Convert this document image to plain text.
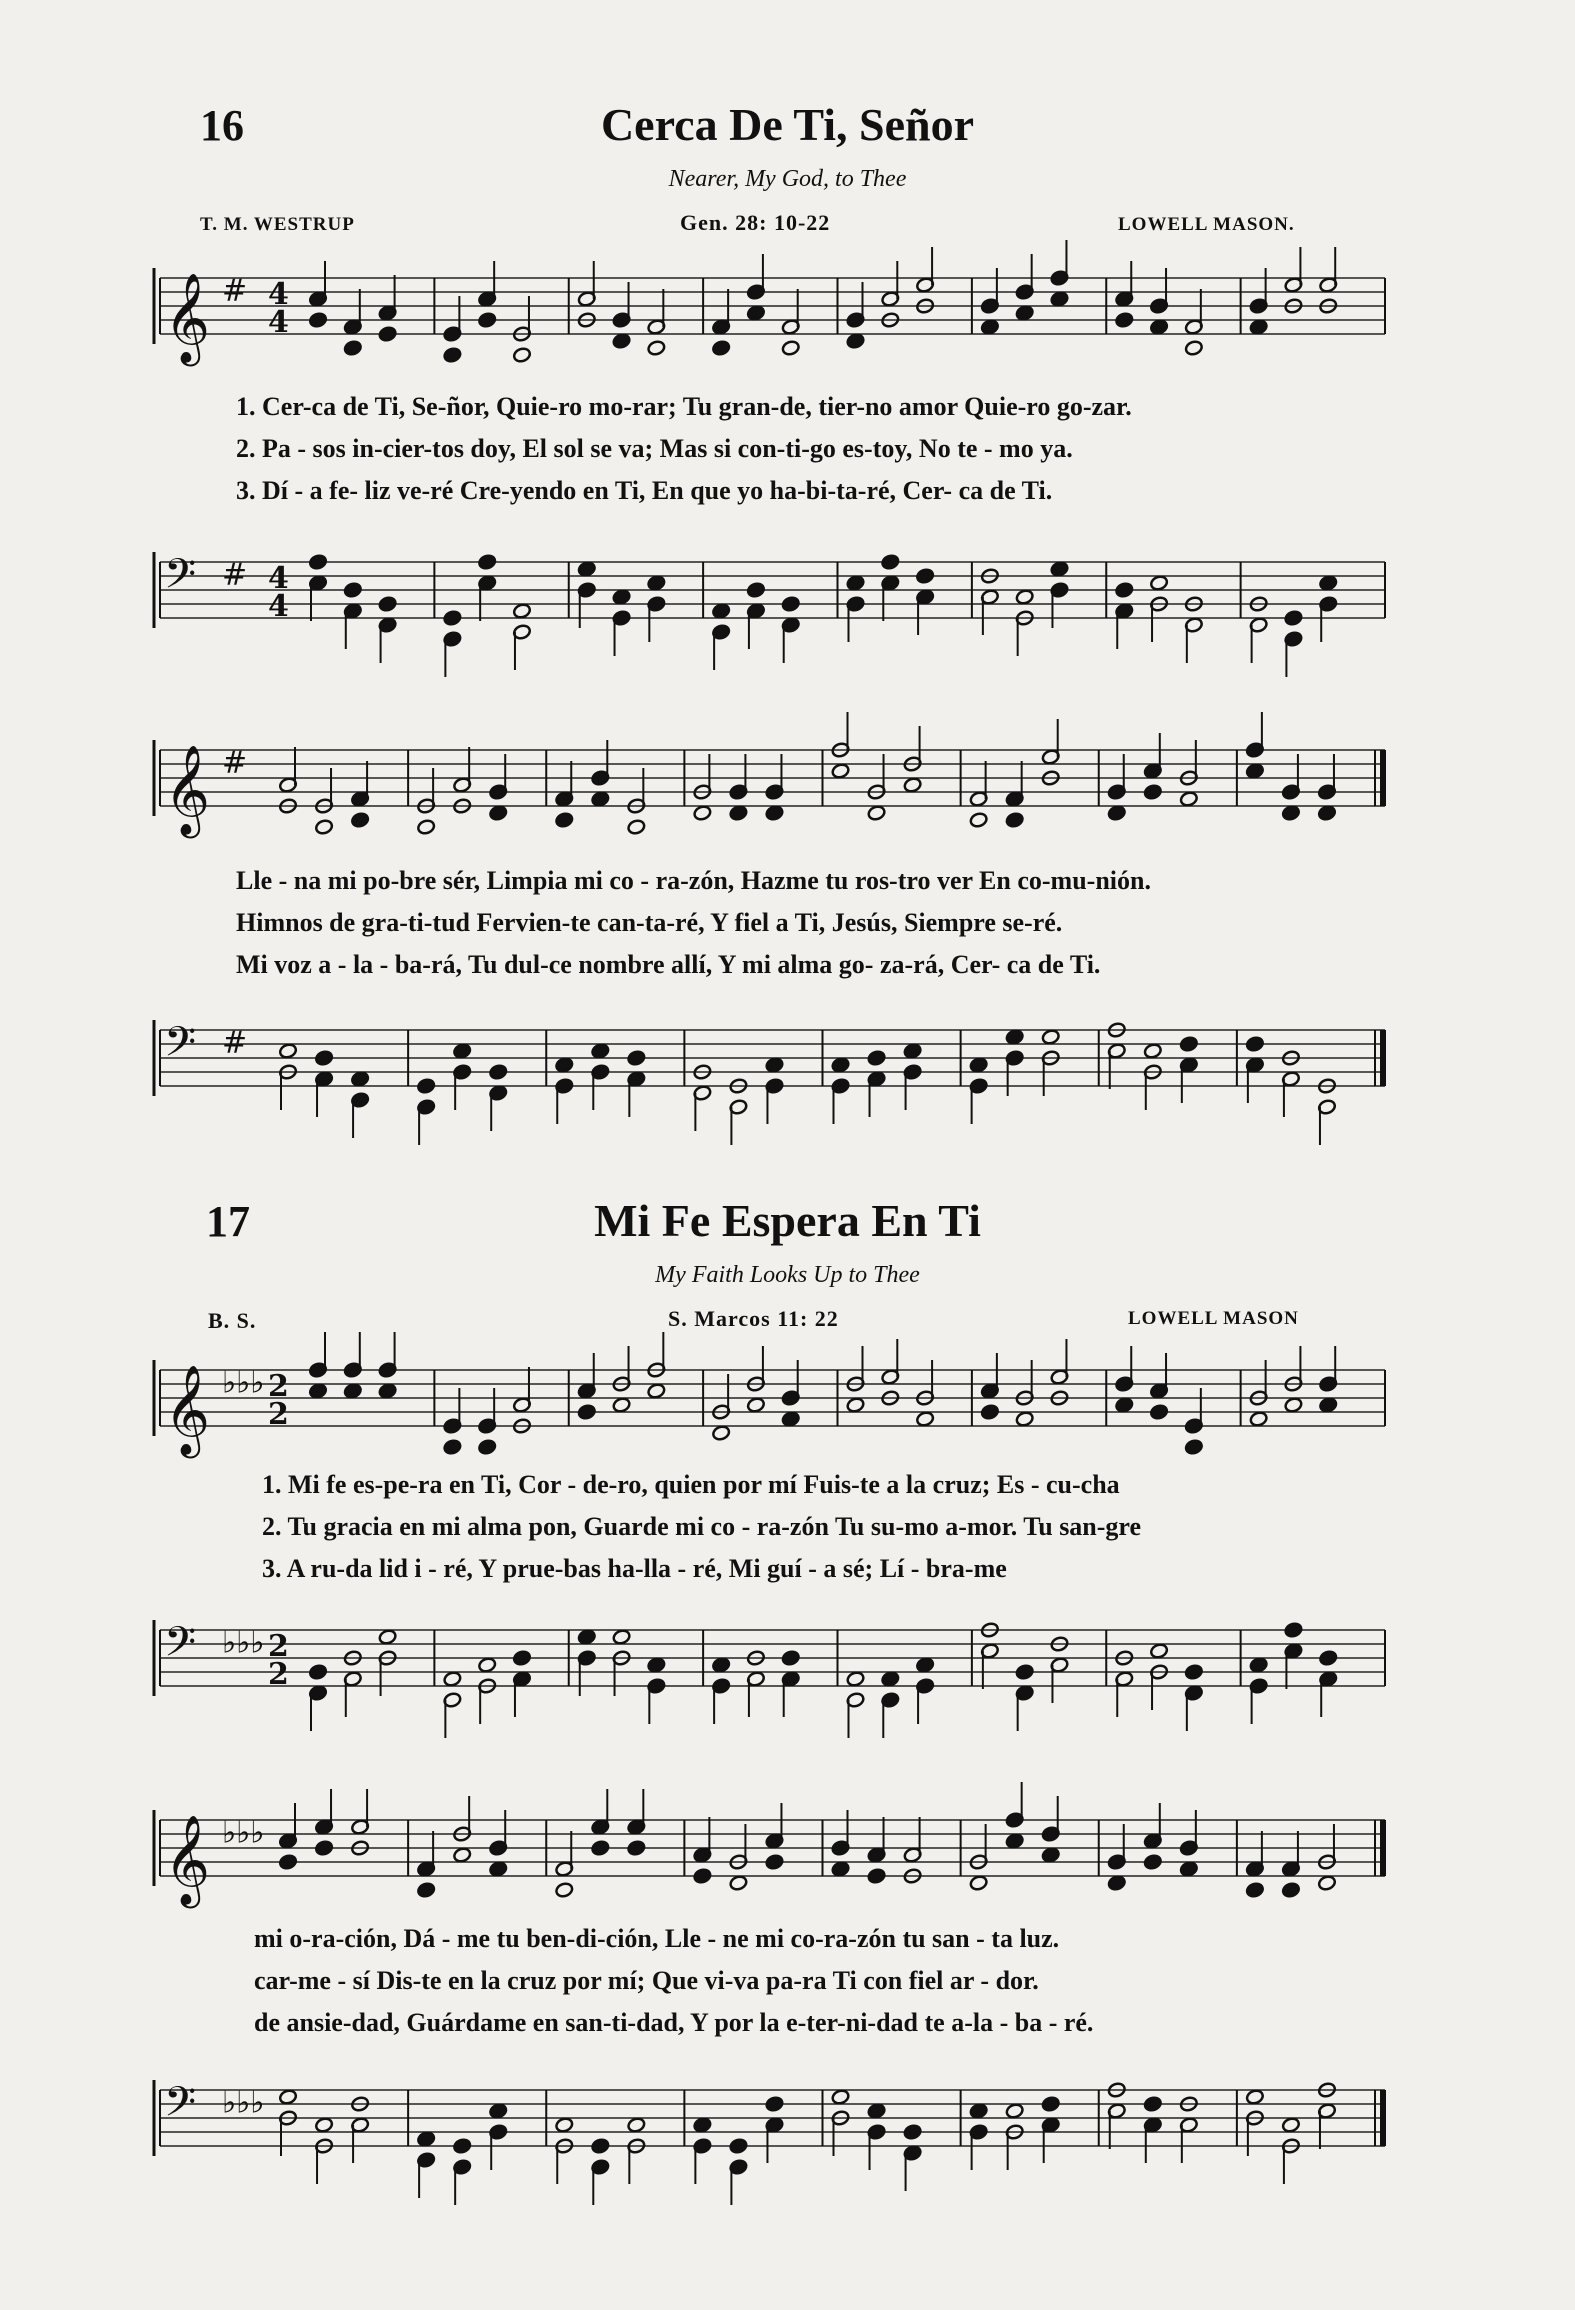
16	Cerca De Ti, Señor
Nearer, My God, to Thee
T. M. WESTRUP	Gen. 28: 10-22	LOWELL MASON.
𝄞 # 4
4
1. Cer-ca de Ti, Se-ñor, Quie-ro mo-rar; Tu gran-de, tier-no amor Quie-ro go-zar.
2. Pa - sos in-cier-tos doy, El sol se va; Mas si con-ti-go es-toy, No te - mo ya.
3. Dí - a fe- liz ve-ré Cre-yendo en Ti, En que yo ha-bi-ta-ré, Cer- ca de Ti.
𝄢 # 4
4
𝄞 #
Lle - na mi po-bre sér, Limpia mi co - ra-zón, Hazme tu ros-tro ver En co-mu-nión.
Himnos de gra-ti-tud Fervien-te can-ta-ré, Y fiel a Ti, Jesús, Siempre se-ré.
Mi voz a - la - ba-rá, Tu dul-ce nombre allí, Y mi alma go- za-rá, Cer- ca de Ti.
𝄢 #
17	Mi Fe Espera En Ti
My Faith Looks Up to Thee
B. S.	S. Marcos 11: 22	LOWELL MASON
𝄞 ♭♭♭ 2
2
1. Mi fe es-pe-ra en Ti, Cor - de-ro, quien por mí Fuis-te a la cruz; Es - cu-cha
2. Tu gracia en mi alma pon, Guarde mi co - ra-zón Tu su-mo a-mor. Tu san-gre
3. A ru-da lid i - ré, Y prue-bas ha-lla - ré, Mi guí - a sé; Lí - bra-me
𝄢 ♭♭♭ 2
2
𝄞 ♭♭♭
mi o-ra-ción, Dá - me tu ben-di-ción, Lle - ne mi co-ra-zón tu san - ta luz.
car-me - sí Dis-te en la cruz por mí; Que vi-va pa-ra Ti con fiel ar - dor.
de ansie-dad, Guárdame en san-ti-dad, Y por la e-ter-ni-dad te a-la - ba - ré.
𝄢 ♭♭♭
